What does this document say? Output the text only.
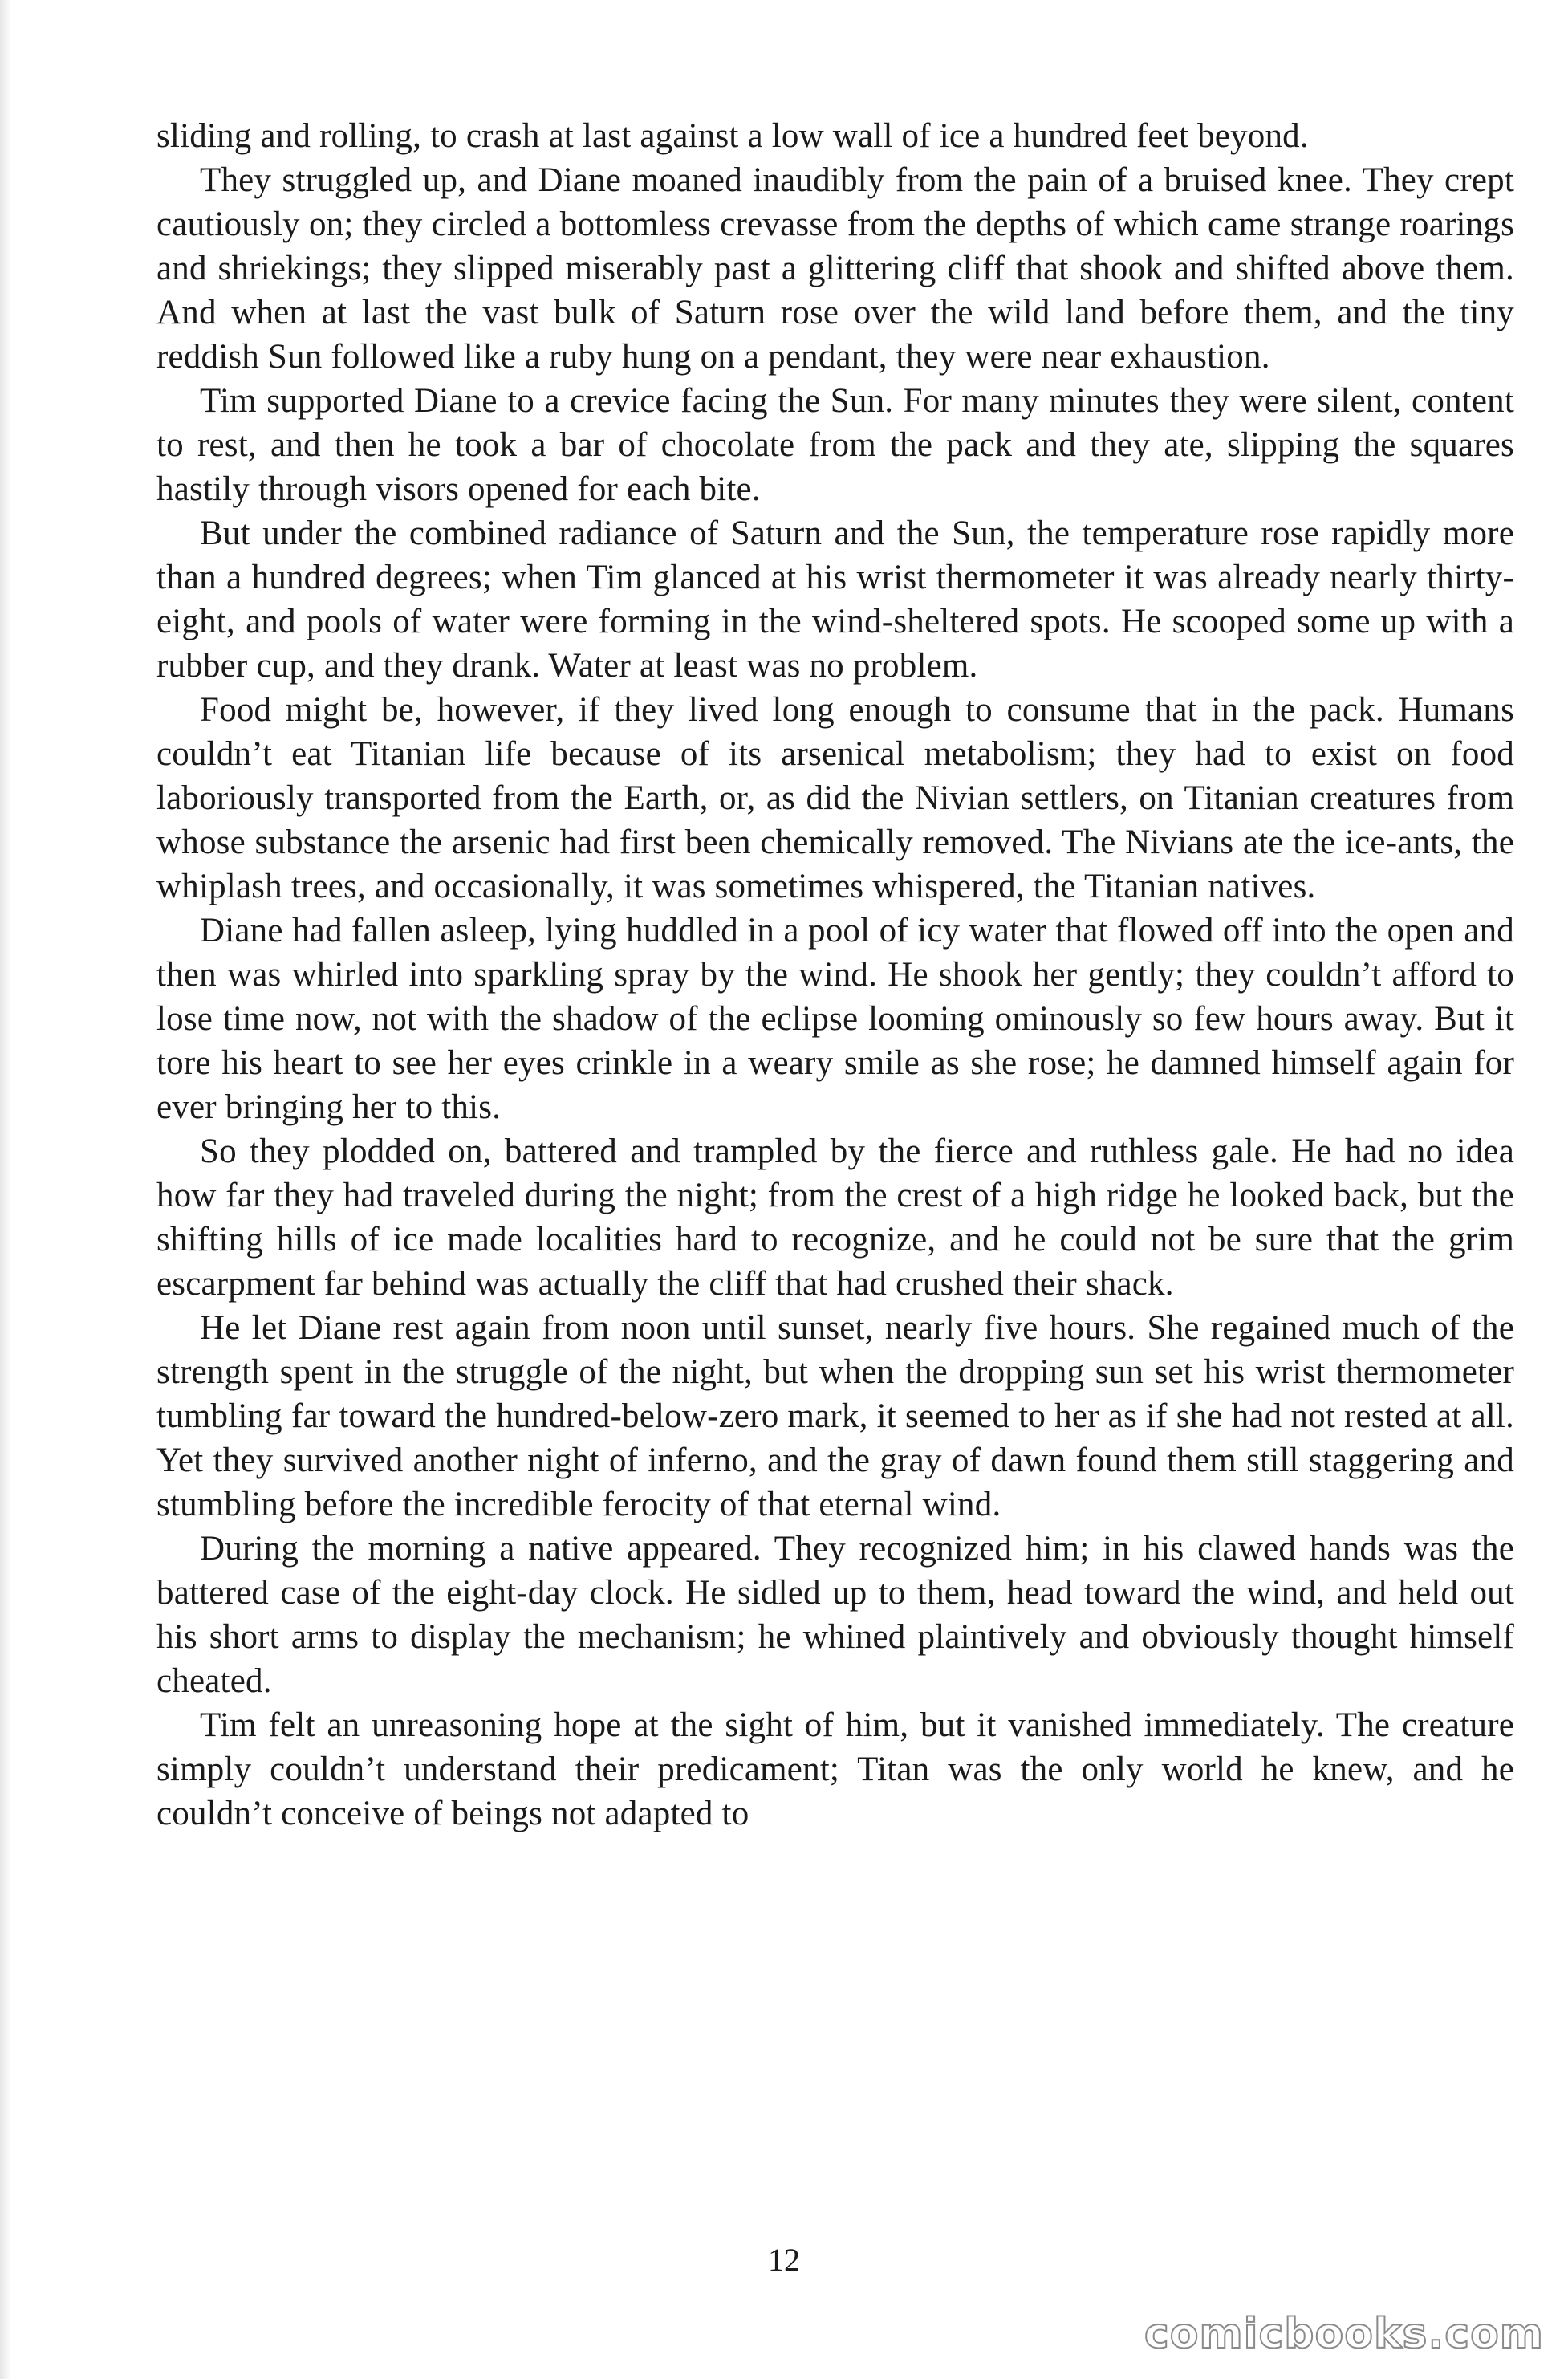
sliding and rolling, to crash at last against a low wall of ice a hundred feet beyond.

They struggled up, and Diane moaned inaudibly from the pain of a bruised knee. They crept cautiously on; they circled a bottomless crevasse from the depths of which came strange roarings and shriekings; they slipped miserably past a glittering cliff that shook and shifted above them. And when at last the vast bulk of Saturn rose over the wild land before them, and the tiny reddish Sun followed like a ruby hung on a pendant, they were near exhaustion.

Tim supported Diane to a crevice facing the Sun. For many minutes they were silent, content to rest, and then he took a bar of chocolate from the pack and they ate, slipping the squares hastily through visors opened for each bite.

But under the combined radiance of Saturn and the Sun, the temperature rose rapidly more than a hundred degrees; when Tim glanced at his wrist thermometer it was already nearly thirty-eight, and pools of water were forming in the wind-sheltered spots. He scooped some up with a rubber cup, and they drank. Water at least was no problem.

Food might be, however, if they lived long enough to consume that in the pack. Humans couldn’t eat Titanian life because of its arsenical metabolism; they had to exist on food laboriously transported from the Earth, or, as did the Nivian settlers, on Titanian creatures from whose substance the arsenic had first been chemically removed. The Nivians ate the ice-ants, the whiplash trees, and occasionally, it was sometimes whispered, the Titanian natives.

Diane had fallen asleep, lying huddled in a pool of icy water that flowed off into the open and then was whirled into sparkling spray by the wind. He shook her gently; they couldn’t afford to lose time now, not with the shadow of the eclipse looming ominously so few hours away. But it tore his heart to see her eyes crinkle in a weary smile as she rose; he damned himself again for ever bringing her to this.

So they plodded on, battered and trampled by the fierce and ruthless gale. He had no idea how far they had traveled during the night; from the crest of a high ridge he looked back, but the shifting hills of ice made localities hard to recognize, and he could not be sure that the grim escarpment far behind was actually the cliff that had crushed their shack.

He let Diane rest again from noon until sunset, nearly five hours. She regained much of the strength spent in the struggle of the night, but when the dropping sun set his wrist thermometer tumbling far toward the hundred-below-zero mark, it seemed to her as if she had not rested at all. Yet they survived another night of inferno, and the gray of dawn found them still staggering and stumbling before the incredible ferocity of that eternal wind.

During the morning a native appeared. They recognized him; in his clawed hands was the battered case of the eight-day clock. He sidled up to them, head toward the wind, and held out his short arms to display the mechanism; he whined plaintively and obviously thought himself cheated.

Tim felt an unreasoning hope at the sight of him, but it vanished immediately. The creature simply couldn’t understand their predicament; Titan was the only world he knew, and he couldn’t conceive of beings not adapted to

12
comicbooks.com
